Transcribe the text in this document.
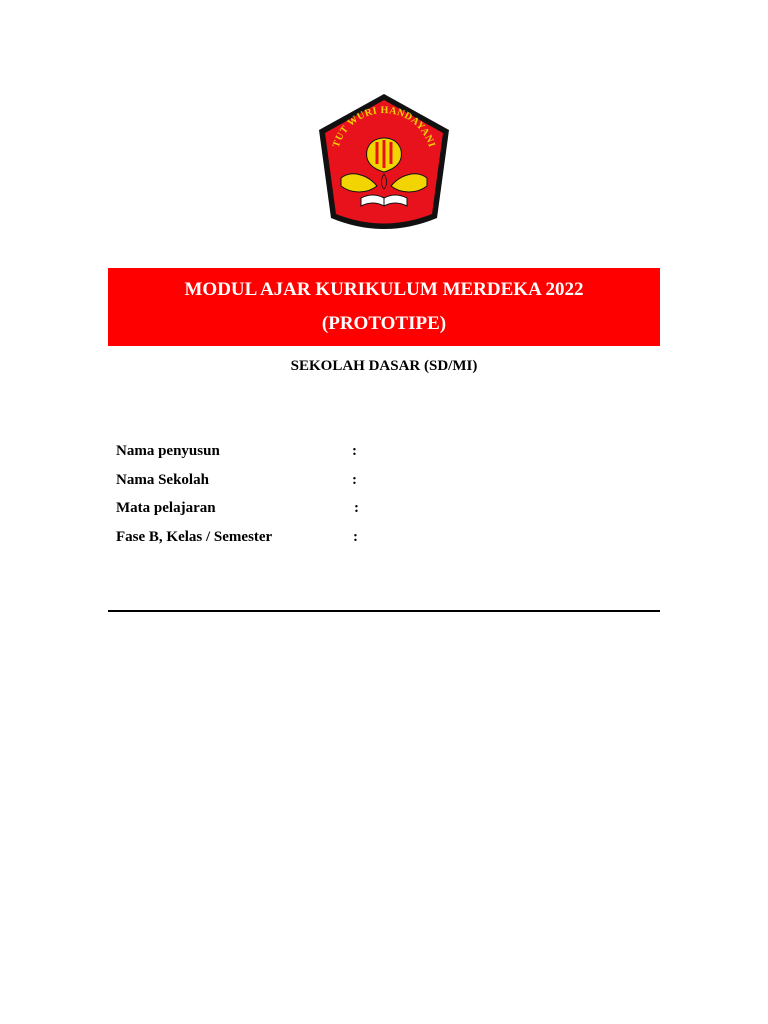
TUT WURI HANDAYANI
MODUL AJAR KURIKULUM MERDEKA 2022
(PROTOTIPE)
SEKOLAH DASAR (SD/MI)
Nama penyusun	:
Nama Sekolah	:
Mata pelajaran	:
Fase B, Kelas / Semester	:
